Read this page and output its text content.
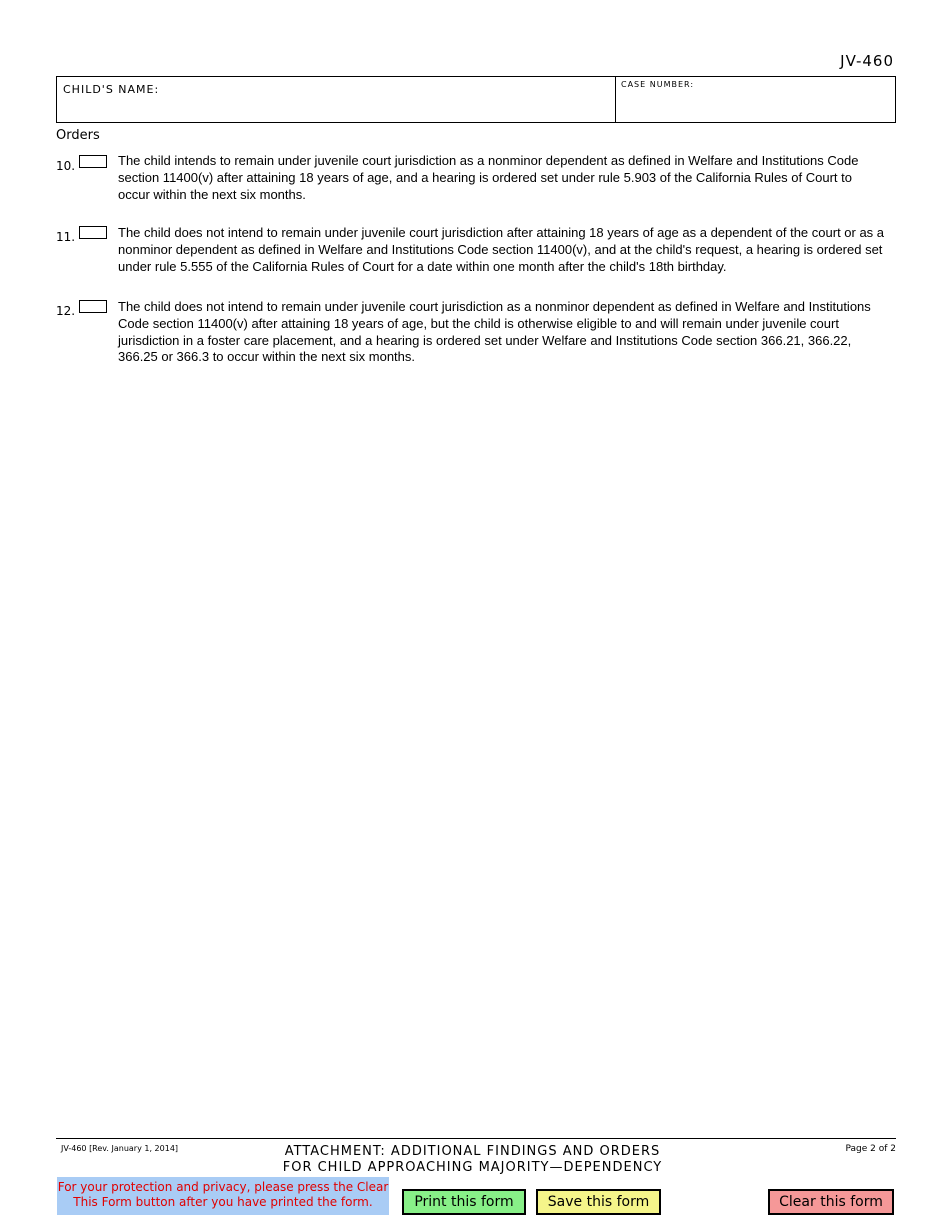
JV-460
CHILD'S NAME:	CASE NUMBER:
Orders
10.	The child intends to remain under juvenile court jurisdiction as a nonminor dependent as defined in Welfare and Institutions Code section 11400(v) after attaining 18 years of age, and a hearing is ordered set under rule 5.903 of the California Rules of Court to occur within the next six months.
11.	The child does not intend to remain under juvenile court jurisdiction after attaining 18 years of age as a dependent of the court or as a nonminor dependent as defined in Welfare and Institutions Code section 11400(v), and at the child's request, a hearing is ordered set under rule 5.555 of the California Rules of Court for a date within one month after the child's 18th birthday.
12.	The child does not intend to remain under juvenile court jurisdiction as a nonminor dependent as defined in Welfare and Institutions Code section 11400(v) after attaining 18 years of age, but the child is otherwise eligible to and will remain under juvenile court jurisdiction in a foster care placement, and a hearing is ordered set under Welfare and Institutions Code section 366.21, 366.22, 366.25 or 366.3 to occur within the next six months.
JV-460 [Rev. January 1, 2014]	ATTACHMENT: ADDITIONAL FINDINGS AND ORDERS
FOR CHILD APPROACHING MAJORITY—DEPENDENCY
Page 2 of 2
For your protection and privacy, please press the Clear This Form button after you have printed the form.	Print this form	Save this form	Clear this form
